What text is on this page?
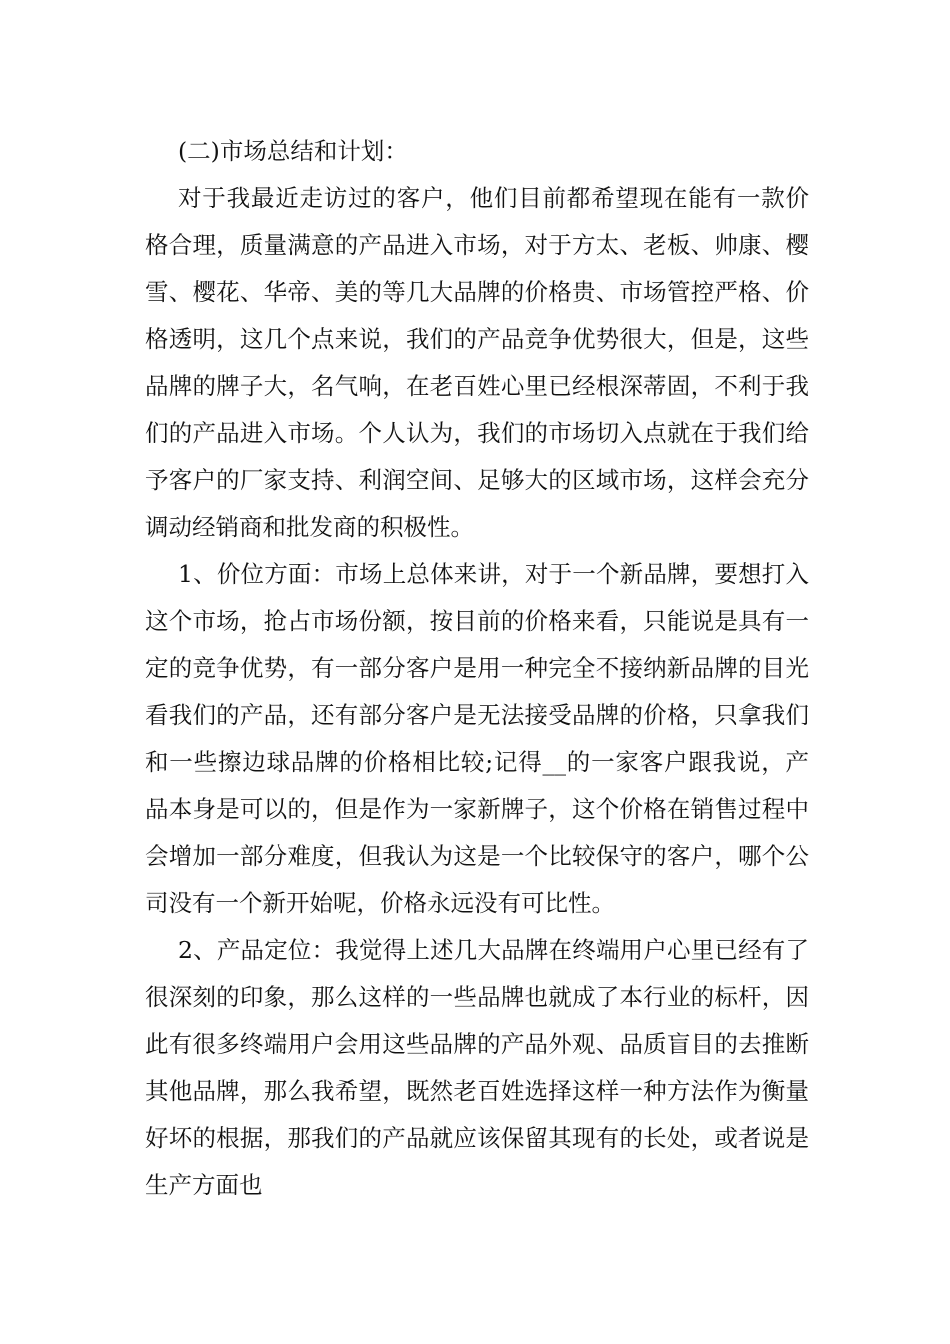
(二)市场总结和计划：

对于我最近走访过的客户，他们目前都希望现在能有一款价格合理，质量满意的产品进入市场，对于方太、老板、帅康、樱雪、樱花、华帝、美的等几大品牌的价格贵、市场管控严格、价格透明，这几个点来说，我们的产品竞争优势很大，但是，这些品牌的牌子大，名气响，在老百姓心里已经根深蒂固，不利于我们的产品进入市场。个人认为，我们的市场切入点就在于我们给予客户的厂家支持、利润空间、足够大的区域市场，这样会充分调动经销商和批发商的积极性。

1、价位方面：市场上总体来讲，对于一个新品牌，要想打入这个市场，抢占市场份额，按目前的价格来看，只能说是具有一定的竞争优势，有一部分客户是用一种完全不接纳新品牌的目光看我们的产品，还有部分客户是无法接受品牌的价格，只拿我们和一些擦边球品牌的价格相比较;记得__的一家客户跟我说，产品本身是可以的，但是作为一家新牌子，这个价格在销售过程中会增加一部分难度，但我认为这是一个比较保守的客户，哪个公司没有一个新开始呢，价格永远没有可比性。

2、产品定位：我觉得上述几大品牌在终端用户心里已经有了很深刻的印象，那么这样的一些品牌也就成了本行业的标杆，因此有很多终端用户会用这些品牌的产品外观、品质盲目的去推断其他品牌，那么我希望，既然老百姓选择这样一种方法作为衡量好坏的根据，那我们的产品就应该保留其现有的长处，或者说是生产方面也
